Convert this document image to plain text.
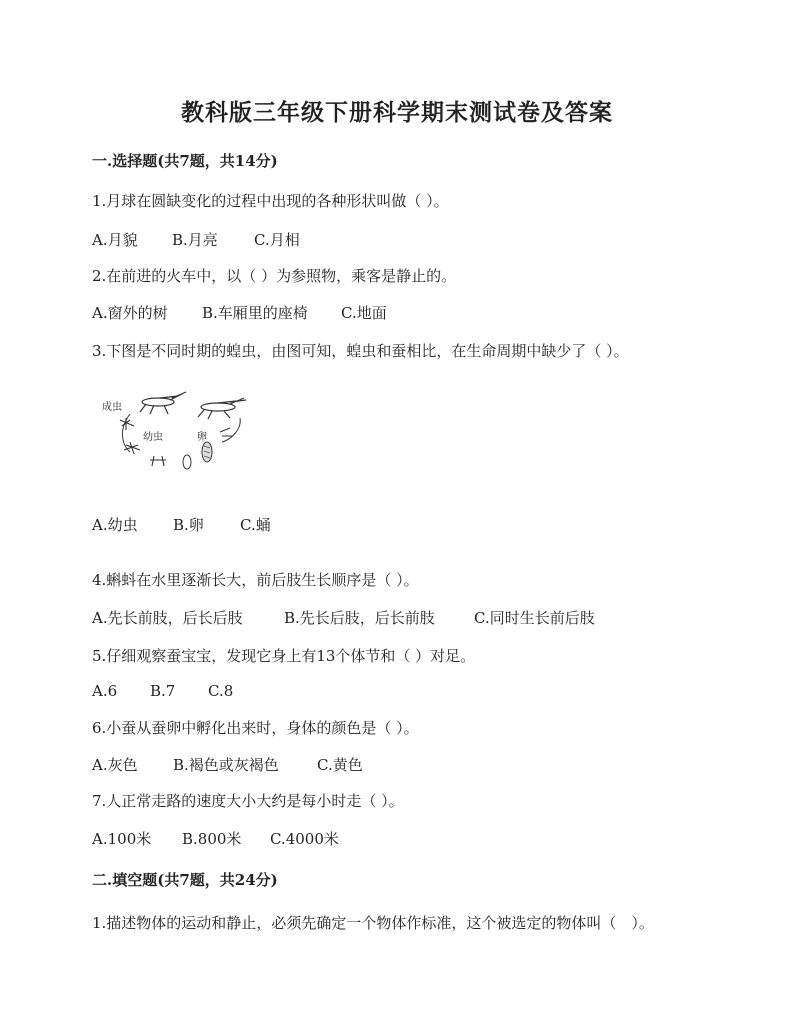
教科版三年级下册科学期末测试卷及答案
一.选择题(共7题，共14分)
1.月球在圆缺变化的过程中出现的各种形状叫做（ ）。
A.月貌 B.月亮 C.月相
2.在前进的火车中，以（ ）为参照物，乘客是静止的。
A.窗外的树 B.车厢里的座椅 C.地面
3.下图是不同时期的蝗虫，由图可知，蝗虫和蚕相比，在生命周期中缺少了（ ）。
成虫
幼虫	卵
A.幼虫 B.卵 C.蛹
4.蝌蚪在水里逐渐长大，前后肢生长顺序是（ ）。
A.先长前肢，后长后肢	B.先长后肢，后长前肢	C.同时生长前后肢
5.仔细观察蚕宝宝，发现它身上有13个体节和（ ）对足。
A.6 B.7 C.8
6.小蚕从蚕卵中孵化出来时，身体的颜色是（ ）。
A.灰色 B.褐色或灰褐色	C.黄色
7.人正常走路的速度大小大约是每小时走（ ）。
A.100米 B.800米 C.4000米
二.填空题(共7题，共24分)
1.描述物体的运动和静止，必须先确定一个物体作标准，这个被选定的物体叫（　）。
